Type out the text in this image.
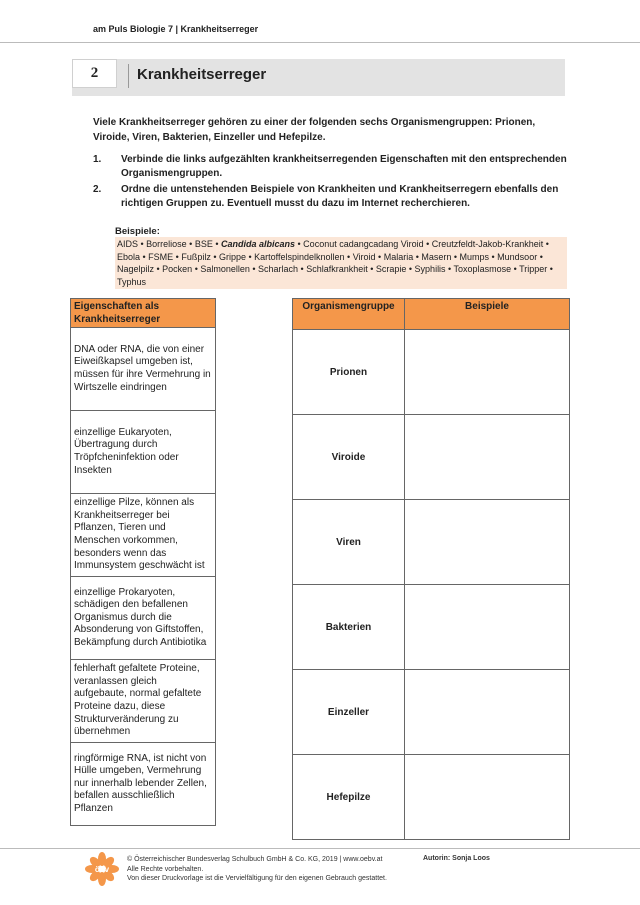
am Puls Biologie 7 | Krankheitserreger
2	Krankheitserreger
Viele Krankheitserreger gehören zu einer der folgenden sechs Organismengruppen: Prionen, Viroide, Viren, Bakterien, Einzeller und Hefepilze.
1. Verbinde die links aufgezählten krankheitserregenden Eigenschaften mit den entsprechenden Organismengruppen.
2. Ordne die untenstehenden Beispiele von Krankheiten und Krankheitserregern ebenfalls den richtigen Gruppen zu. Eventuell musst du dazu im Internet recherchieren.
Beispiele:
AIDS • Borreliose • BSE • Candida albicans • Coconut cadangcadang Viroid • Creutzfeldt-Jakob-Krankheit • Ebola • FSME • Fußpilz • Grippe • Kartoffelspindelknollen • Viroid • Malaria • Masern • Mumps • Mundsoor • Nagelpilz • Pocken • Salmonellen • Scharlach • Schlafkrankheit • Scrapie • Syphilis • Toxoplasmose • Tripper • Typhus
Eigenschaften als Krankheitserreger
DNA oder RNA, die von einer Eiweißkapsel umgeben ist, müssen für ihre Vermehrung in Wirtszelle eindringen
einzellige Eukaryoten, Übertragung durch Tröpfcheninfektion oder Insekten
einzellige Pilze, können als Krankheitserreger bei Pflanzen, Tieren und Menschen vorkommen, besonders wenn das Immunsystem geschwächt ist
einzellige Prokaryoten, schädigen den befallenen Organismus durch die Absonderung von Giftstoffen, Bekämpfung durch Antibiotika
fehlerhaft gefaltete Proteine, veranlassen gleich aufgebaute, normal gefaltete Proteine dazu, diese Strukturveränderung zu übernehmen
ringförmige RNA, ist nicht von Hülle umgeben, Vermehrung nur innerhalb lebender Zellen, befallen ausschließlich Pflanzen
Organismengruppe	Beispiele
Prionen	
Viroide	
Viren	
Bakterien	
Einzeller	
Hefepilze	
öbv
© Österreichischer Bundesverlag Schulbuch GmbH & Co. KG, 2019 | www.oebv.at
Alle Rechte vorbehalten.
Von dieser Druckvorlage ist die Vervielfältigung für den eigenen Gebrauch gestattet.
Autorin: Sonja Loos
